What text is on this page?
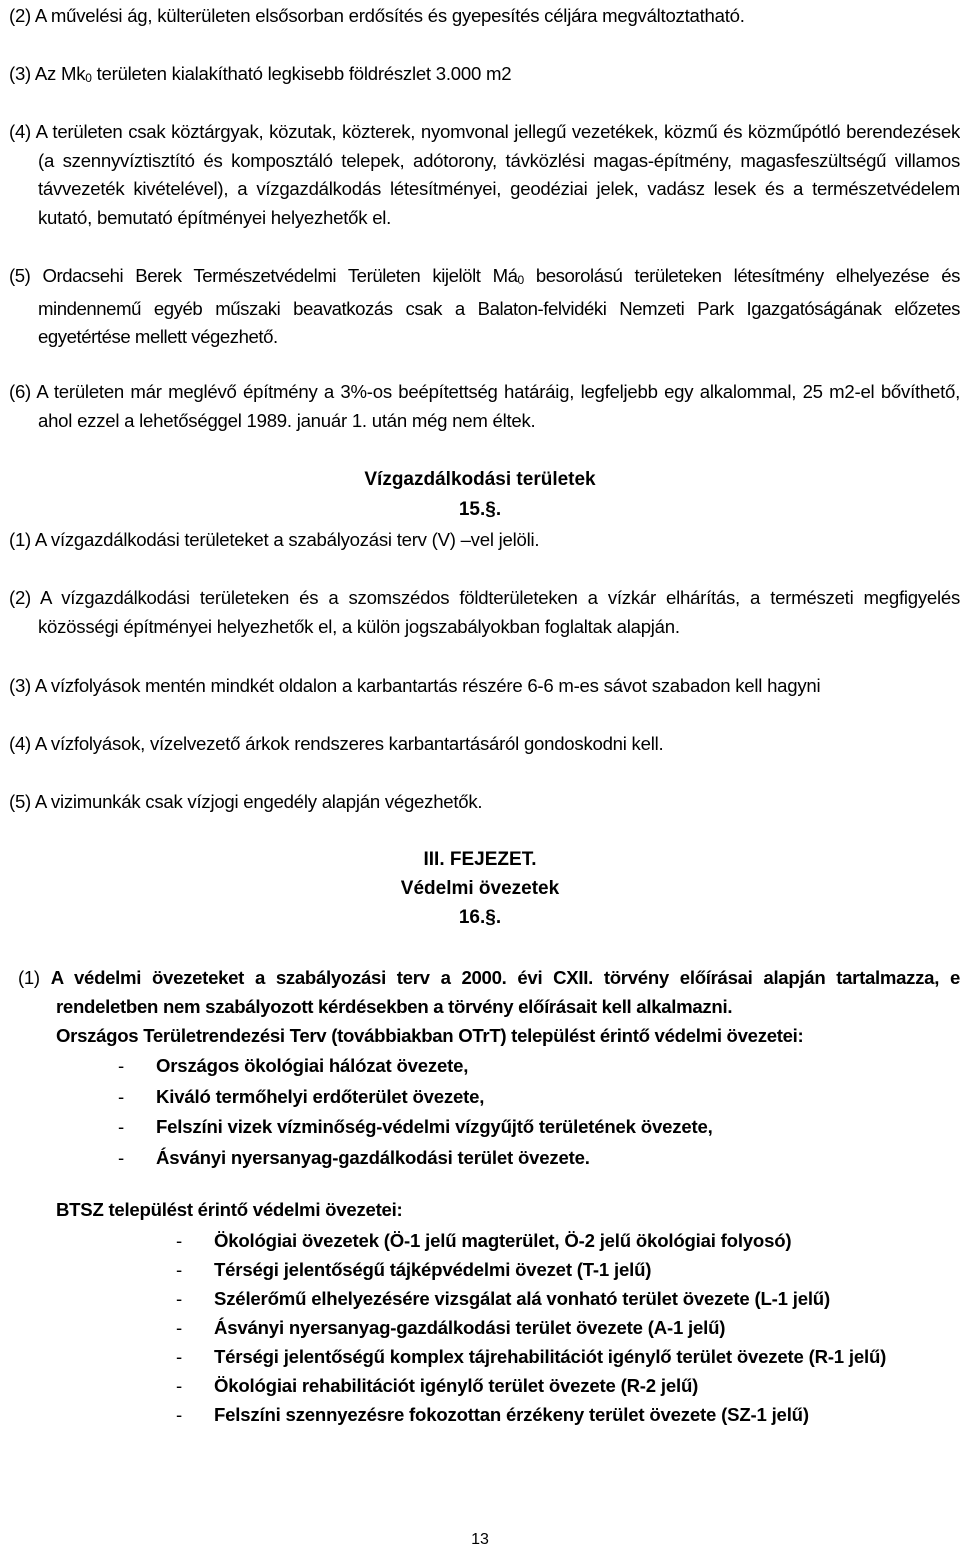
(2) A művelési ág, külterületen elsősorban erdősítés és gyepesítés céljára megváltoztatható.
(3) Az Mk0 területen kialakítható legkisebb földrészlet 3.000 m2
(4) A területen csak köztárgyak, közutak, közterek, nyomvonal jellegű vezetékek, közmű és közműpótló berendezések (a szennyvíztisztító és komposztáló telepek, adótorony, távközlési magas-építmény, magasfeszültségű villamos távvezeték kivételével), a vízgazdálkodás létesítményei, geodéziai jelek, vadász lesek és a természetvédelem kutató, bemutató építményei helyezhetők el.
(5) Ordacsehi Berek Természetvédelmi Területen kijelölt Má0 besorolású területeken létesítmény elhelyezése és mindennemű egyéb műszaki beavatkozás csak a Balaton-felvidéki Nemzeti Park Igazgatóságának előzetes egyetértése mellett végezhető.
(6) A területen már meglévő építmény a 3%-os beépítettség határáig, legfeljebb egy alkalommal, 25 m2-el bővíthető, ahol ezzel a lehetőséggel 1989. január 1. után még nem éltek.
Vízgazdálkodási területek
15.§.
(1) A vízgazdálkodási területeket a szabályozási terv (V) –vel jelöli.
(2) A vízgazdálkodási területeken és a szomszédos földterületeken a vízkár elhárítás, a természeti megfigyelés közösségi építményei helyezhetők el, a külön jogszabályokban foglaltak alapján.
(3) A vízfolyások mentén mindkét oldalon a karbantartás részére 6-6 m-es sávot szabadon kell hagyni
(4) A vízfolyások, vízelvezető árkok rendszeres karbantartásáról gondoskodni kell.
(5) A vizimunkák csak vízjogi engedély alapján végezhetők.
III. FEJEZET.
Védelmi övezetek
16.§.
(1) A védelmi övezeteket a szabályozási terv a 2000. évi CXII. törvény előírásai alapján tartalmazza, e rendeletben nem szabályozott kérdésekben a törvény előírásait kell alkalmazni.
Országos Területrendezési Terv (továbbiakban OTrT) települést érintő védelmi övezetei:
-	Országos ökológiai hálózat övezete,
-	Kiváló termőhelyi erdőterület övezete,
-	Felszíni vizek vízminőség-védelmi vízgyűjtő területének övezete,
-	Ásványi nyersanyag-gazdálkodási terület övezete.
BTSZ települést érintő védelmi övezetei:
-	Ökológiai övezetek (Ö-1 jelű magterület, Ö-2 jelű ökológiai folyosó)
-	Térségi jelentőségű tájképvédelmi övezet (T-1 jelű)
-	Szélerőmű elhelyezésére vizsgálat alá vonható terület övezete (L-1 jelű)
-	Ásványi nyersanyag-gazdálkodási terület övezete (A-1 jelű)
-	Térségi jelentőségű komplex tájrehabilitációt igénylő terület övezete (R-1 jelű)
-	Ökológiai rehabilitációt igénylő terület övezete (R-2 jelű)
-	Felszíni szennyezésre fokozottan érzékeny terület övezete (SZ-1 jelű)
13
